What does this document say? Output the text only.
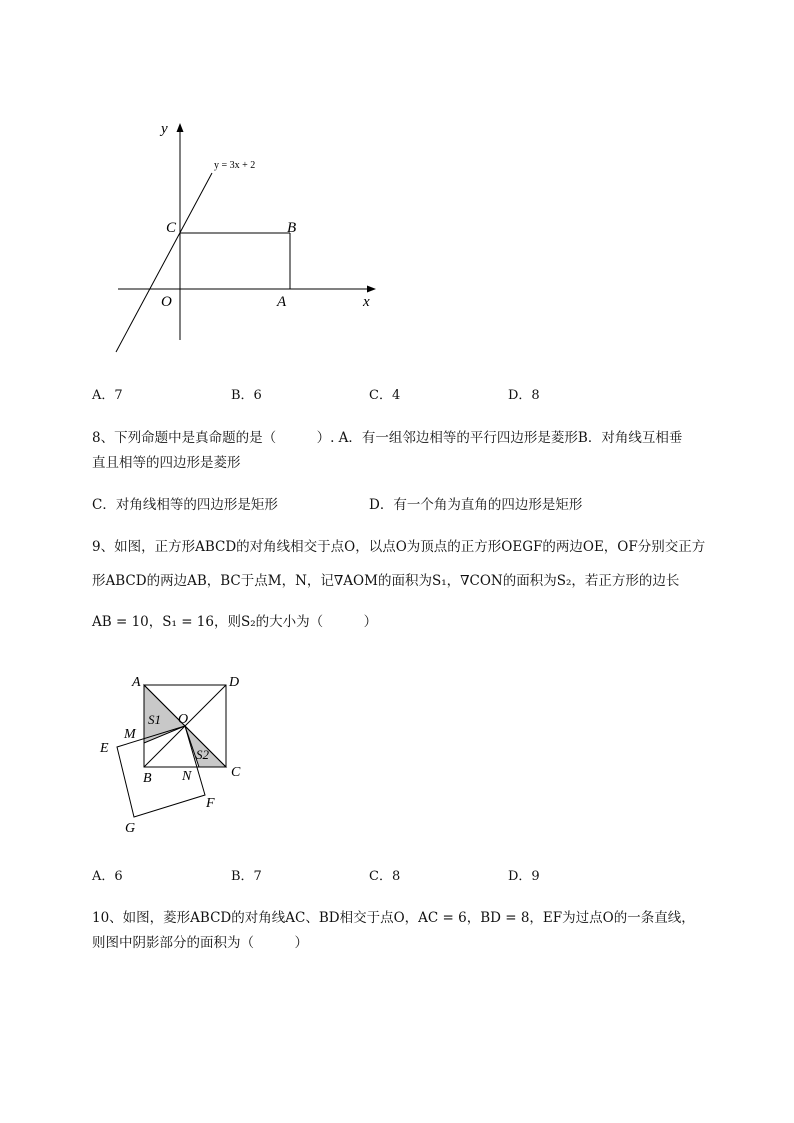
y
x
y = 3x + 2
C	B
O	A
A．7	B．6	C．4	D．8
8、下列命题中是真命题的是（　　　）. A．有一组邻边相等的平行四边形是菱形B．对角线互相垂
直且相等的四边形是菱形
C．对角线相等的四边形是矩形	D．有一个角为直角的四边形是矩形
9、如图，正方形ABCD的对角线相交于点O，以点O为顶点的正方形OEGF的两边OE，OF分别交正方
形ABCD的两边AB，BC于点M，N，记∇AOM的面积为S₁，∇CON的面积为S₂，若正方形的边长
AB = 10，S₁ = 16，则S₂的大小为（　　　）
A	D
M
E
O
S1
S2
B N	C
F
G
A．6	B．7	C．8	D．9
10、如图，菱形ABCD的对角线AC、BD相交于点O，AC = 6，BD = 8，EF为过点O的一条直线，
则图中阴影部分的面积为（　　　）
